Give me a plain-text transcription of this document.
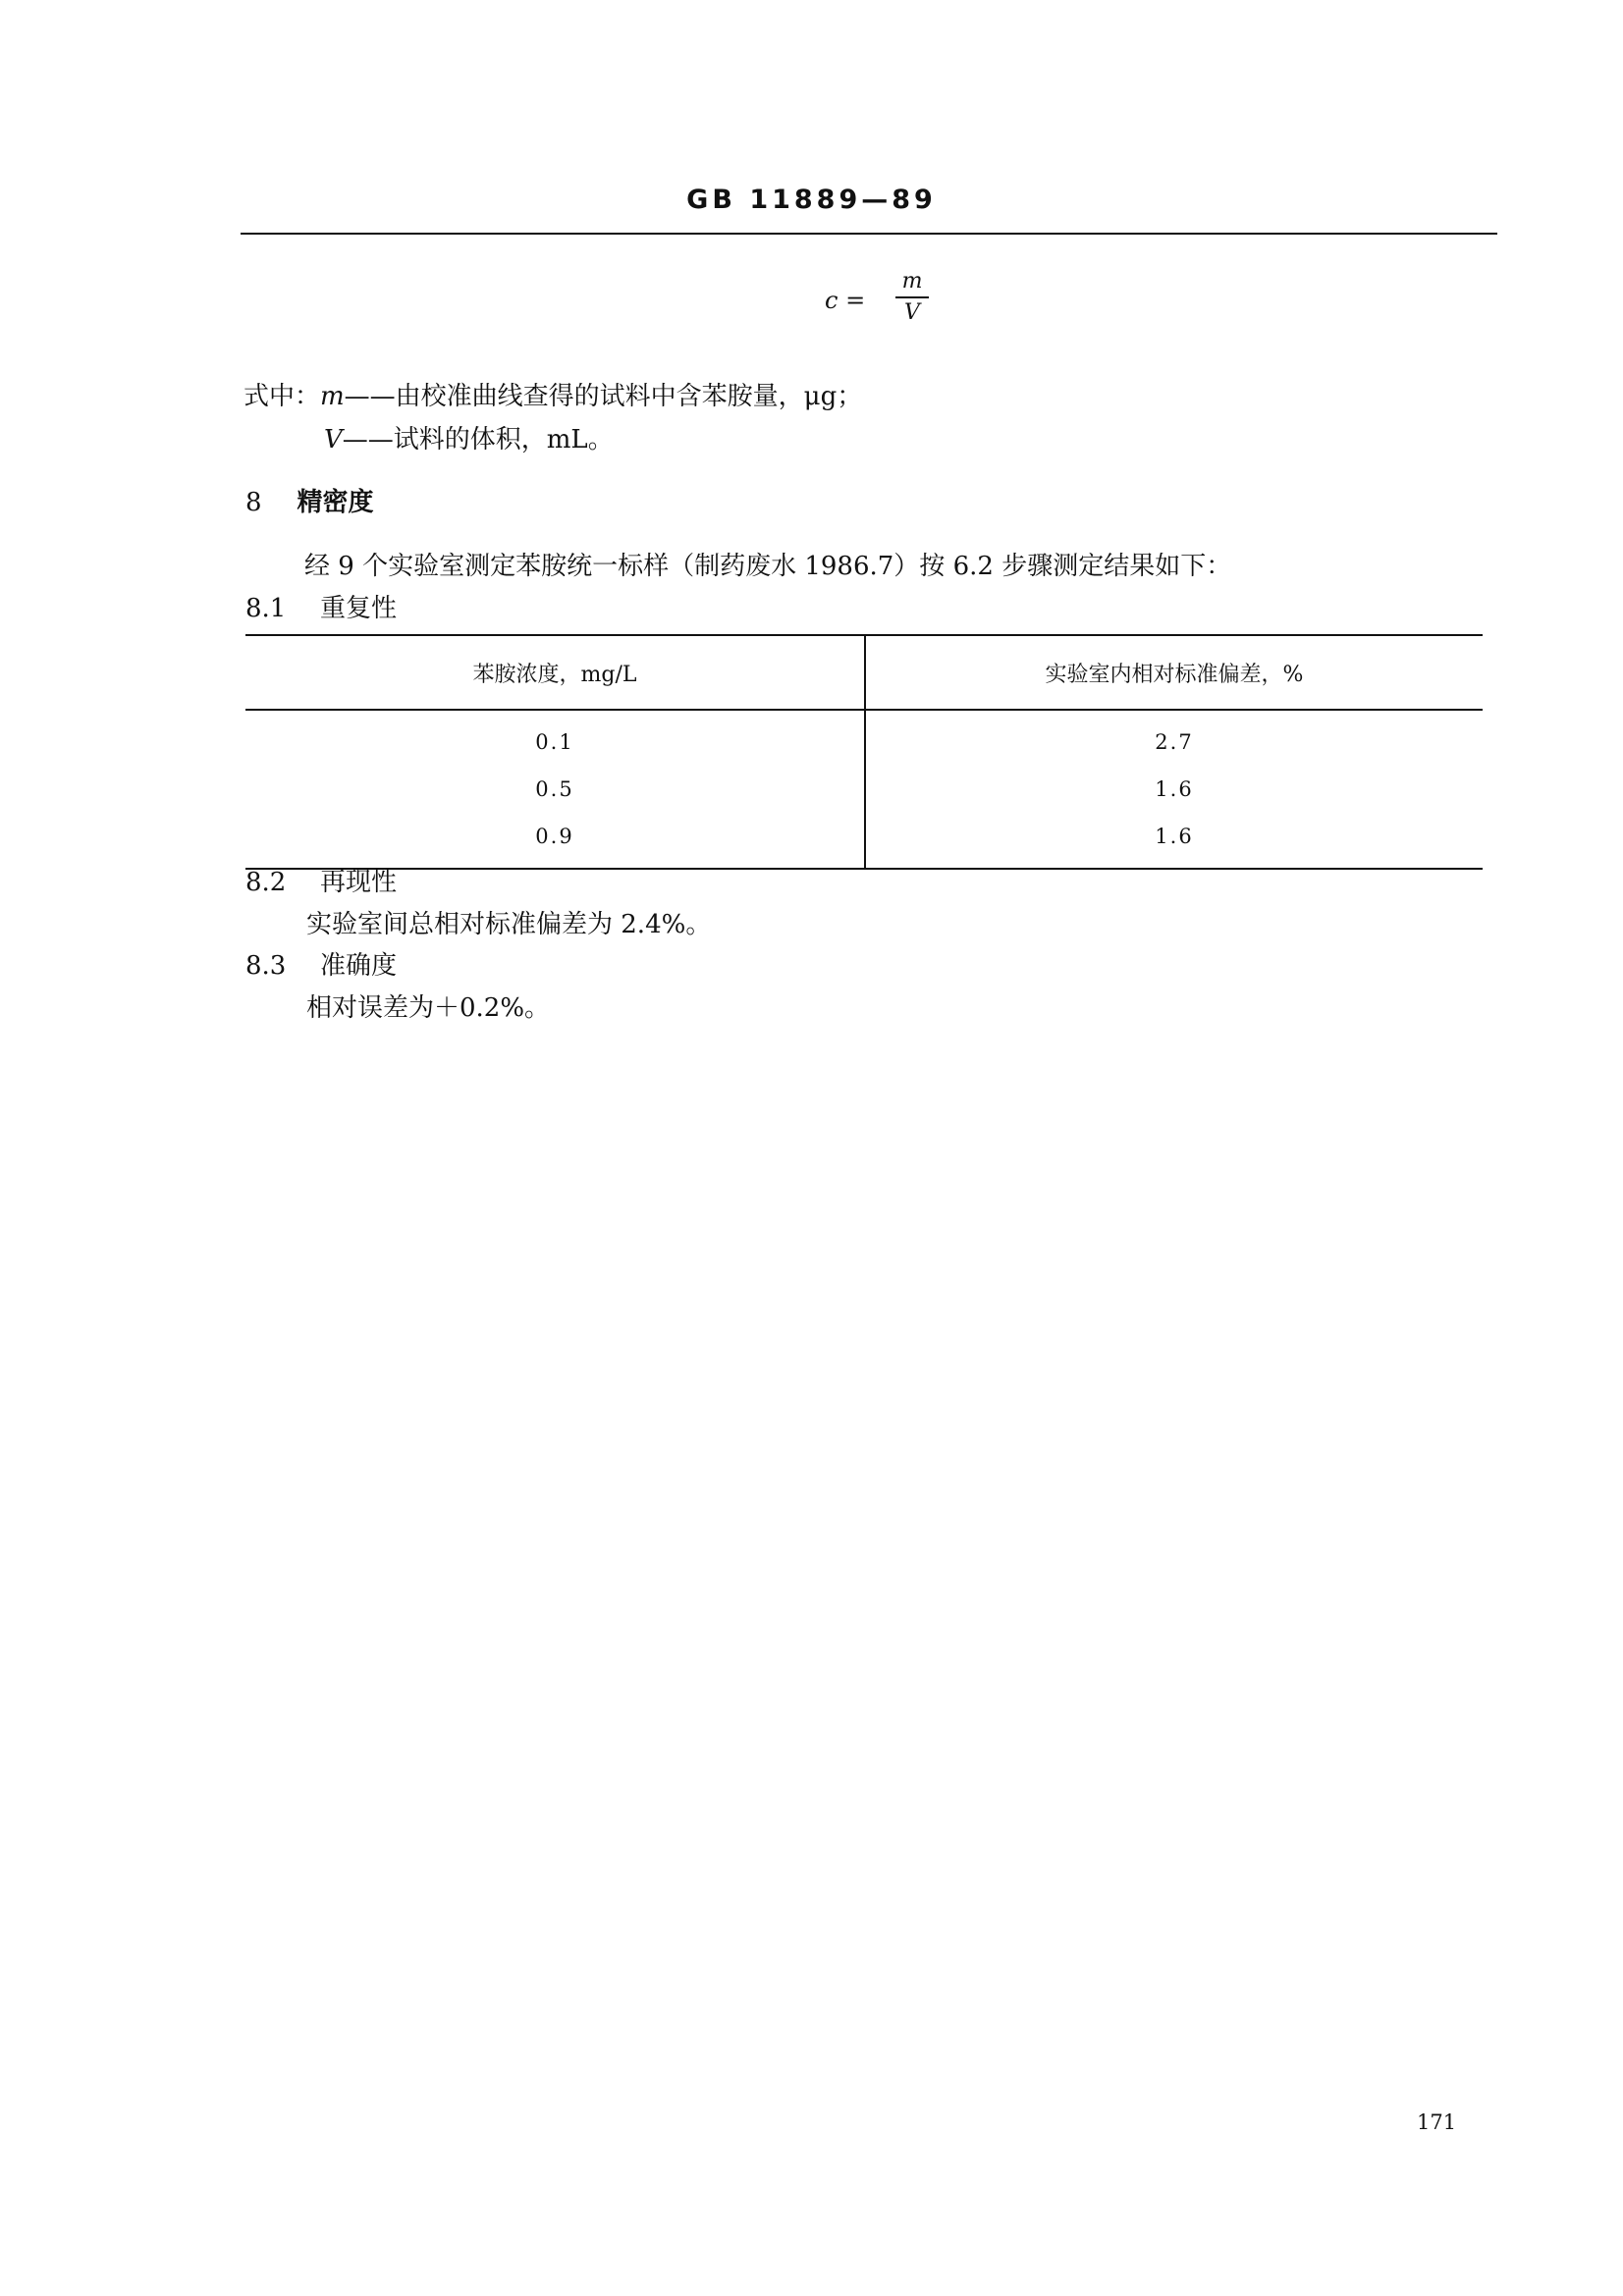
GB 11889—89
c =
m
V
式中：m——由校准曲线查得的试料中含苯胺量，μg；
V——试料的体积，mL。
8 精密度
经 9 个实验室测定苯胺统一标样（制药废水 1986.7）按 6.2 步骤测定结果如下：
8.1 重复性
苯胺浓度，mg/L	实验室内相对标准偏差，%
0.1	2.7
0.5	1.6
0.9	1.6
8.2 再现性
实验室间总相对标准偏差为 2.4%。
8.3 准确度
相对误差为＋0.2%。
171
